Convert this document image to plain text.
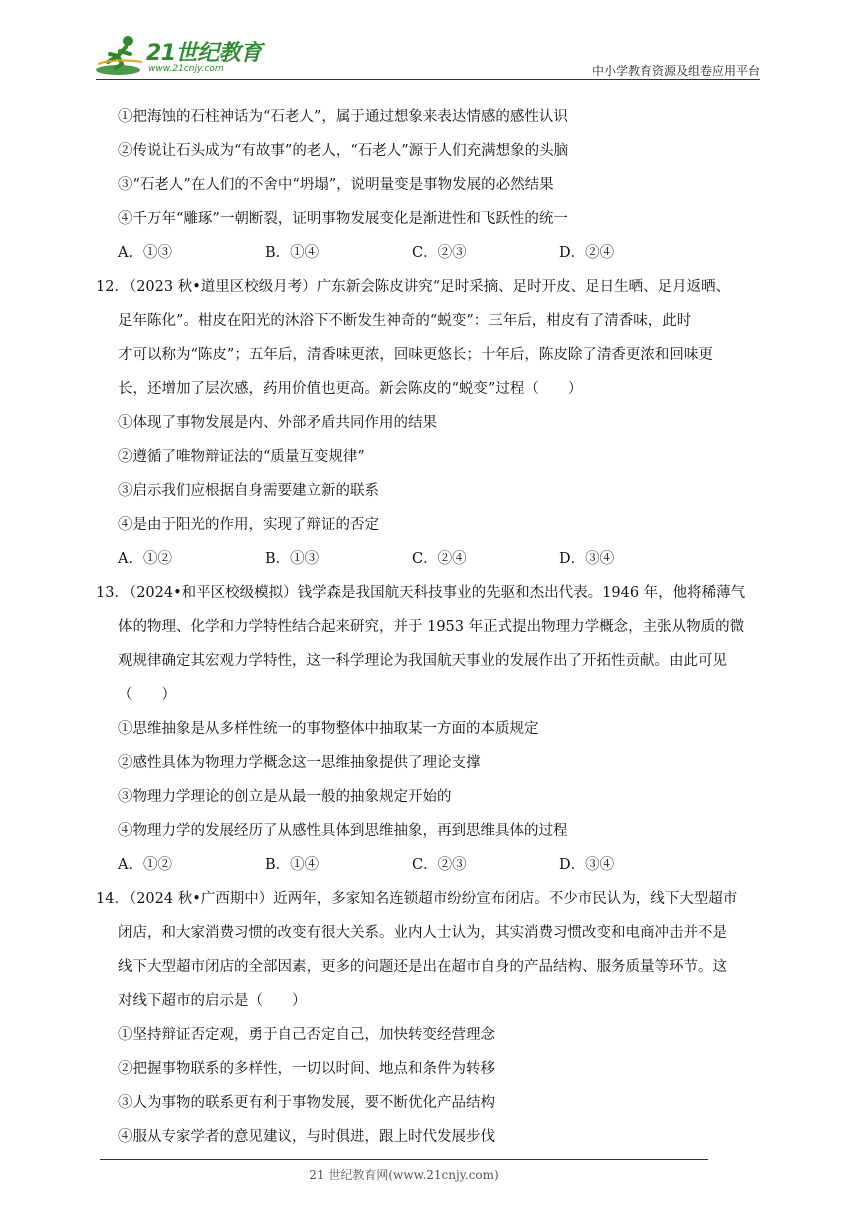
21世纪教育
www.21cnjy.com	中小学教育资源及组卷应用平台
①把海蚀的石柱神话为“石老人”，属于通过想象来表达情感的感性认识
②传说让石头成为“有故事”的老人，“石老人”源于人们充满想象的头脑
③“石老人”在人们的不舍中“坍塌”，说明量变是事物发展的必然结果
④千万年“雕琢”一朝断裂，证明事物发展变化是渐进性和飞跃性的统一
A．①③	B．①④	C．②③	D．②④
12．（2023 秋•道里区校级月考）广东新会陈皮讲究“足时采摘、足时开皮、足日生晒、足月返晒、
足年陈化”。柑皮在阳光的沐浴下不断发生神奇的“蜕变”：三年后，柑皮有了清香味，此时
才可以称为“陈皮”；五年后，清香味更浓，回味更悠长；十年后，陈皮除了清香更浓和回味更
长，还增加了层次感，药用价值也更高。新会陈皮的“蜕变”过程（　　）
①体现了事物发展是内、外部矛盾共同作用的结果
②遵循了唯物辩证法的“质量互变规律”
③启示我们应根据自身需要建立新的联系
④是由于阳光的作用，实现了辩证的否定
A．①②	B．①③	C．②④	D．③④
13．（2024•和平区校级模拟）钱学森是我国航天科技事业的先驱和杰出代表。1946 年，他将稀薄气
体的物理、化学和力学特性结合起来研究，并于 1953 年正式提出物理力学概念，主张从物质的微
观规律确定其宏观力学特性，这一科学理论为我国航天事业的发展作出了开拓性贡献。由此可见
（　　）
①思维抽象是从多样性统一的事物整体中抽取某一方面的本质规定
②感性具体为物理力学概念这一思维抽象提供了理论支撑
③物理力学理论的创立是从最一般的抽象规定开始的
④物理力学的发展经历了从感性具体到思维抽象，再到思维具体的过程
A．①②	B．①④	C．②③	D．③④
14．（2024 秋•广西期中）近两年，多家知名连锁超市纷纷宣布闭店。不少市民认为，线下大型超市
闭店，和大家消费习惯的改变有很大关系。业内人士认为，其实消费习惯改变和电商冲击并不是
线下大型超市闭店的全部因素，更多的问题还是出在超市自身的产品结构、服务质量等环节。这
对线下超市的启示是（　　）
①坚持辩证否定观，勇于自己否定自己，加快转变经营理念
②把握事物联系的多样性，一切以时间、地点和条件为转移
③人为事物的联系更有利于事物发展，要不断优化产品结构
④服从专家学者的意见建议，与时俱进，跟上时代发展步伐
21 世纪教育网(www.21cnjy.com)
